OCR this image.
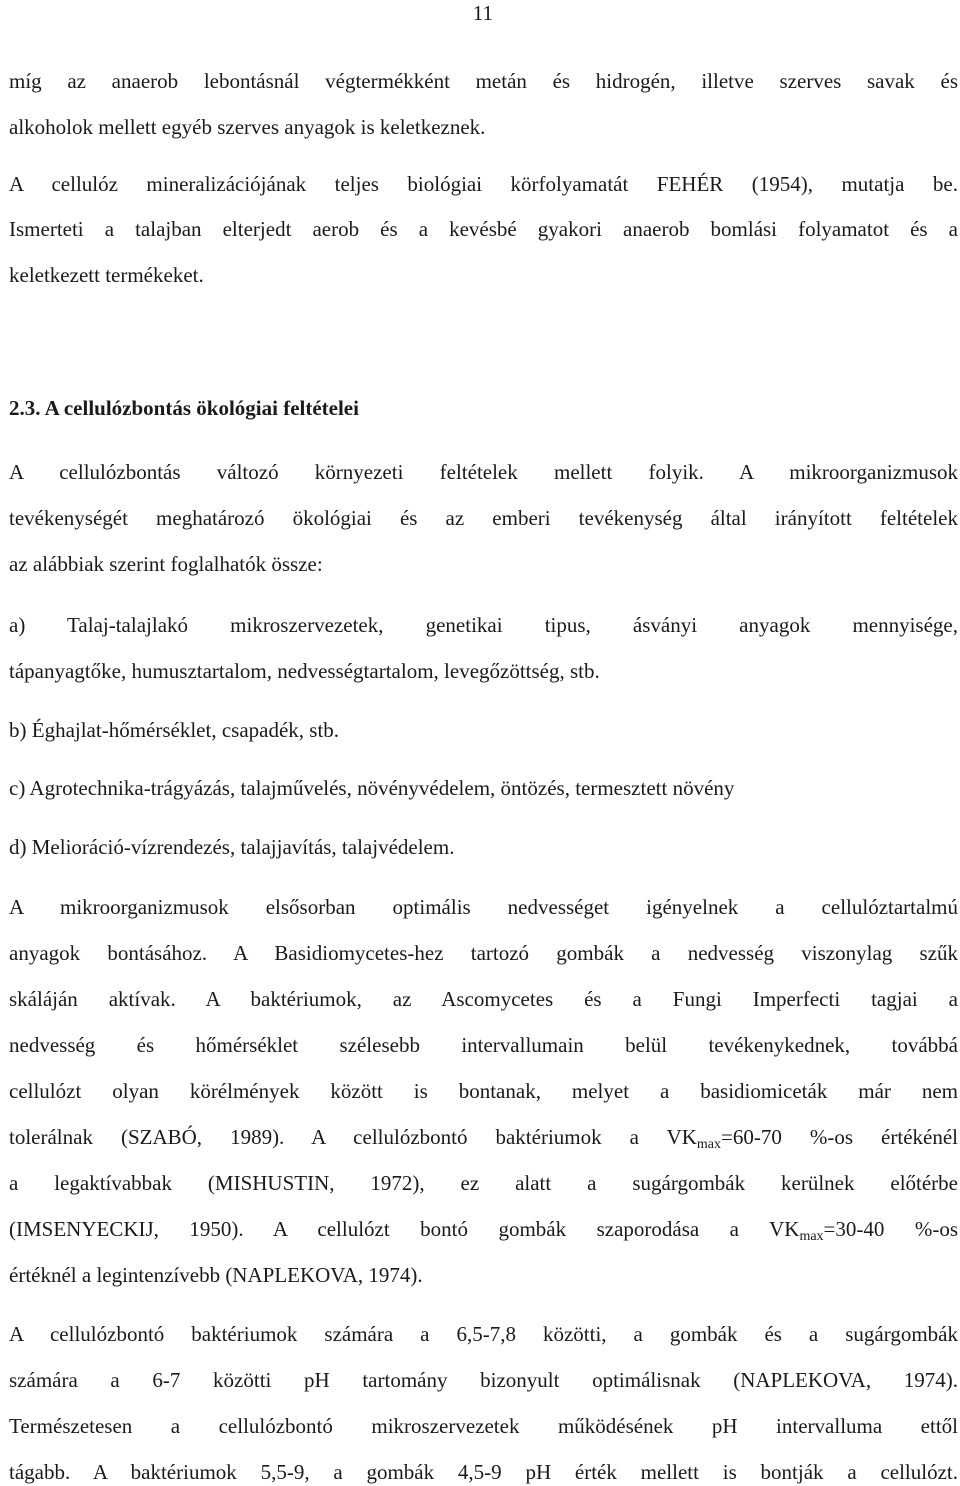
11
míg az anaerob lebontásnál végtermékként metán és hidrogén, illetve szerves savak és
alkoholok mellett egyéb szerves anyagok is keletkeznek.
A cellulóz mineralizációjának teljes biológiai körfolyamatát FEHÉR (1954), mutatja be.
Ismerteti a talajban elterjedt aerob és a kevésbé gyakori anaerob bomlási folyamatot és a
keletkezett termékeket.
2.3. A cellulózbontás ökológiai feltételei
A cellulózbontás változó környezeti feltételek mellett folyik. A mikroorganizmusok
tevékenységét meghatározó ökológiai és az emberi tevékenység által irányított feltételek
az alábbiak szerint foglalhatók össze:
a) Talaj-talajlakó mikroszervezetek, genetikai tipus, ásványi anyagok mennyisége,
tápanyagtőke, humusztartalom, nedvességtartalom, levegőzöttség, stb.
b) Éghajlat-hőmérséklet, csapadék, stb.
c) Agrotechnika-trágyázás, talajművelés, növényvédelem, öntözés, termesztett növény
d) Melioráció-vízrendezés, talajjavítás, talajvédelem.
A mikroorganizmusok elsősorban optimális nedvességet igényelnek a cellulóztartalmú
anyagok bontásához. A Basidiomycetes-hez tartozó gombák a nedvesség viszonylag szűk
skáláján aktívak. A baktériumok, az Ascomycetes és a Fungi Imperfecti tagjai a
nedvesség és hőmérséklet szélesebb intervallumain belül tevékenykednek, továbbá
cellulózt olyan körélmények között is bontanak, melyet a basidiomiceták már nem
tolerálnak (SZABÓ, 1989). A cellulózbontó baktériumok a $VK_{max}=60-70$ %-os értékénél
a legaktívabbak (MISHUSTIN, 1972), ez alatt a sugárgombák kerülnek előtérbe
(IMSENYECKIJ, 1950). A cellulózt bontó gombák szaporodása a $VK_{max}=30-40$ %-os
értéknél a legintenzívebb (NAPLEKOVA, 1974).
A cellulózbontó baktériumok számára a 6,5-7,8 közötti, a gombák és a sugárgombák
számára a 6-7 közötti pH tartomány bizonyult optimálisnak (NAPLEKOVA, 1974).
Természetesen a cellulózbontó mikroszervezetek működésének pH intervalluma ettől
tágabb. A baktériumok 5,5-9, a gombák 4,5-9 pH érték mellett is bontják a cellulózt.
